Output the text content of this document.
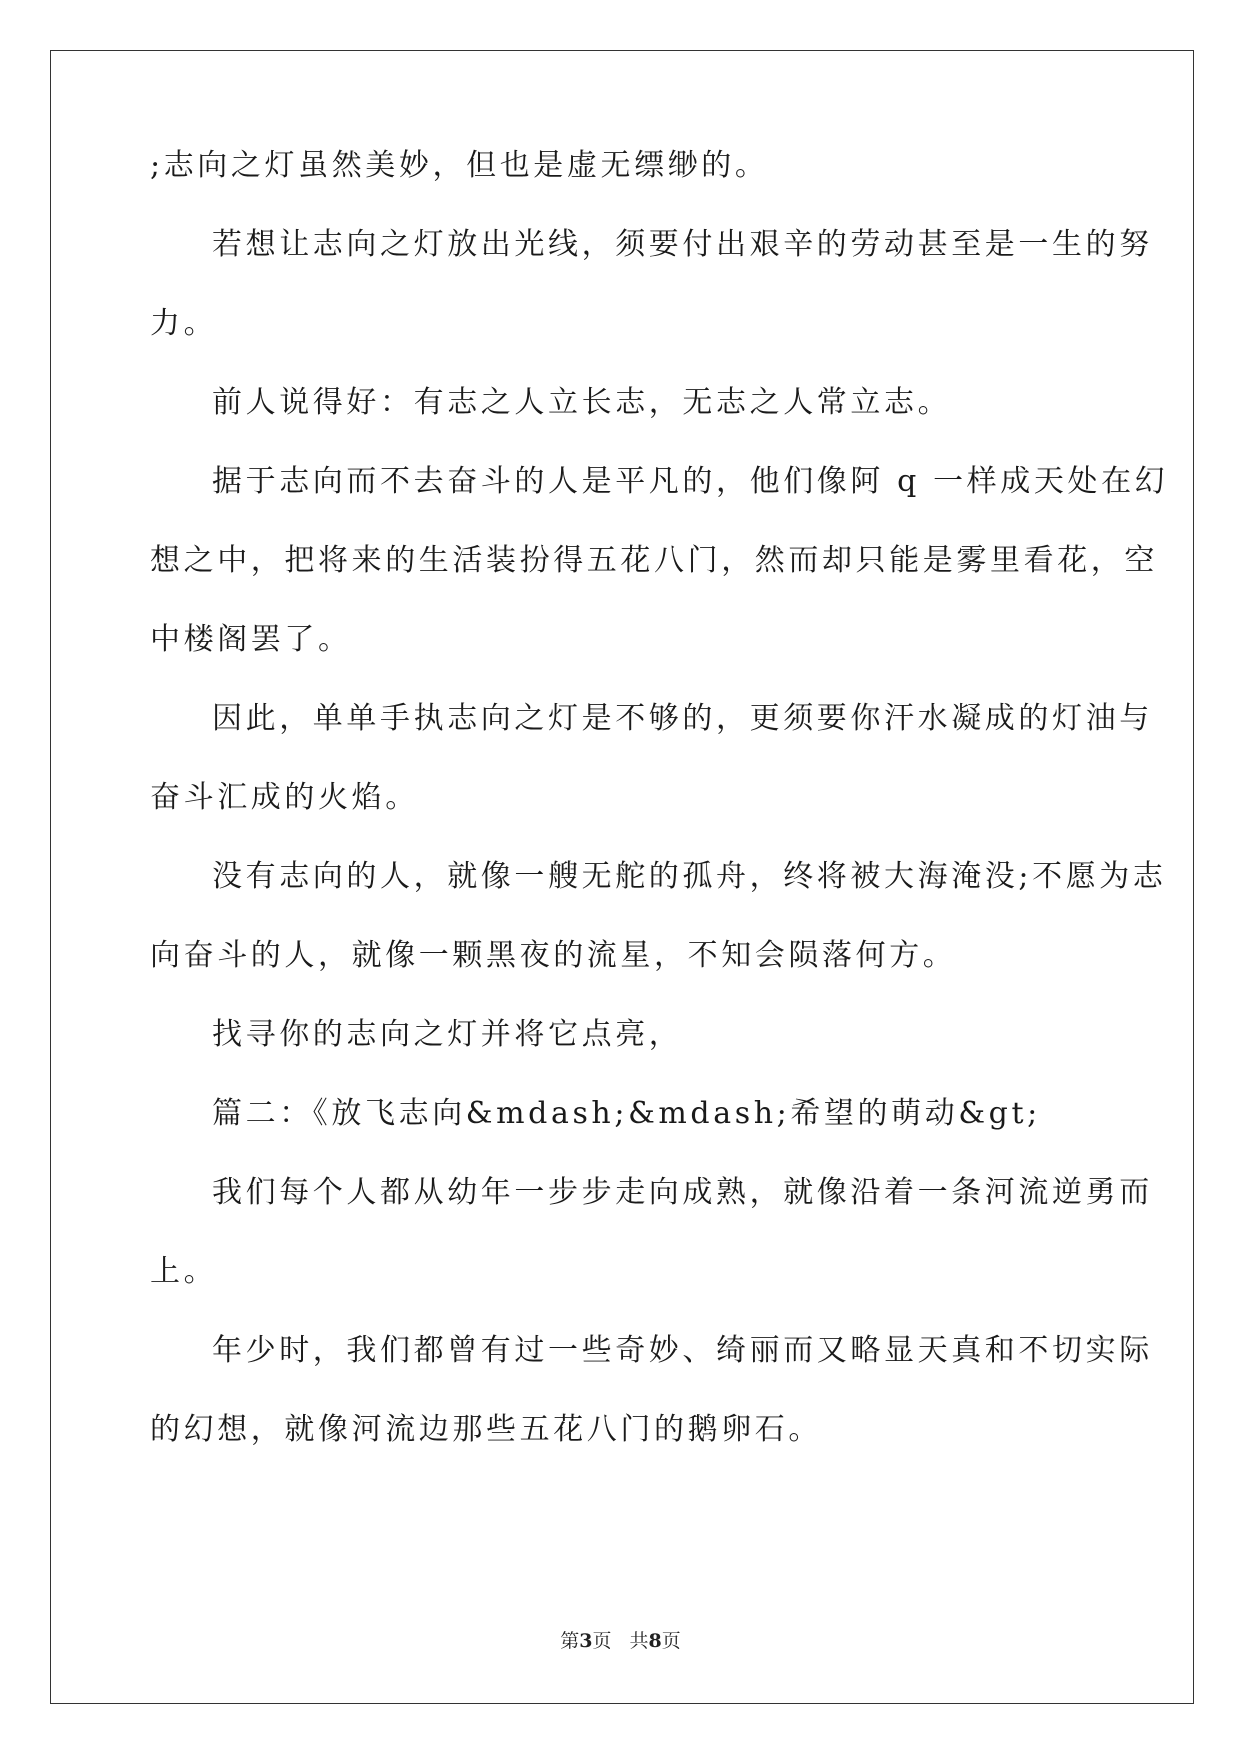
;志向之灯虽然美妙，但也是虚无缥缈的。
若想让志向之灯放出光线，须要付出艰辛的劳动甚至是一生的努
力。
前人说得好：有志之人立长志，无志之人常立志。
据于志向而不去奋斗的人是平凡的，他们像阿 q 一样成天处在幻
想之中，把将来的生活装扮得五花八门，然而却只能是雾里看花，空
中楼阁罢了。
因此，单单手执志向之灯是不够的，更须要你汗水凝成的灯油与
奋斗汇成的火焰。
没有志向的人，就像一艘无舵的孤舟，终将被大海淹没;不愿为志
向奋斗的人，就像一颗黑夜的流星，不知会陨落何方。
找寻你的志向之灯并将它点亮，
篇二：《放飞志向&mdash;&mdash;希望的萌动&gt;
我们每个人都从幼年一步步走向成熟，就像沿着一条河流逆勇而
上。
年少时，我们都曾有过一些奇妙、绮丽而又略显天真和不切实际
的幻想，就像河流边那些五花八门的鹅卵石。
第3页 共8页
